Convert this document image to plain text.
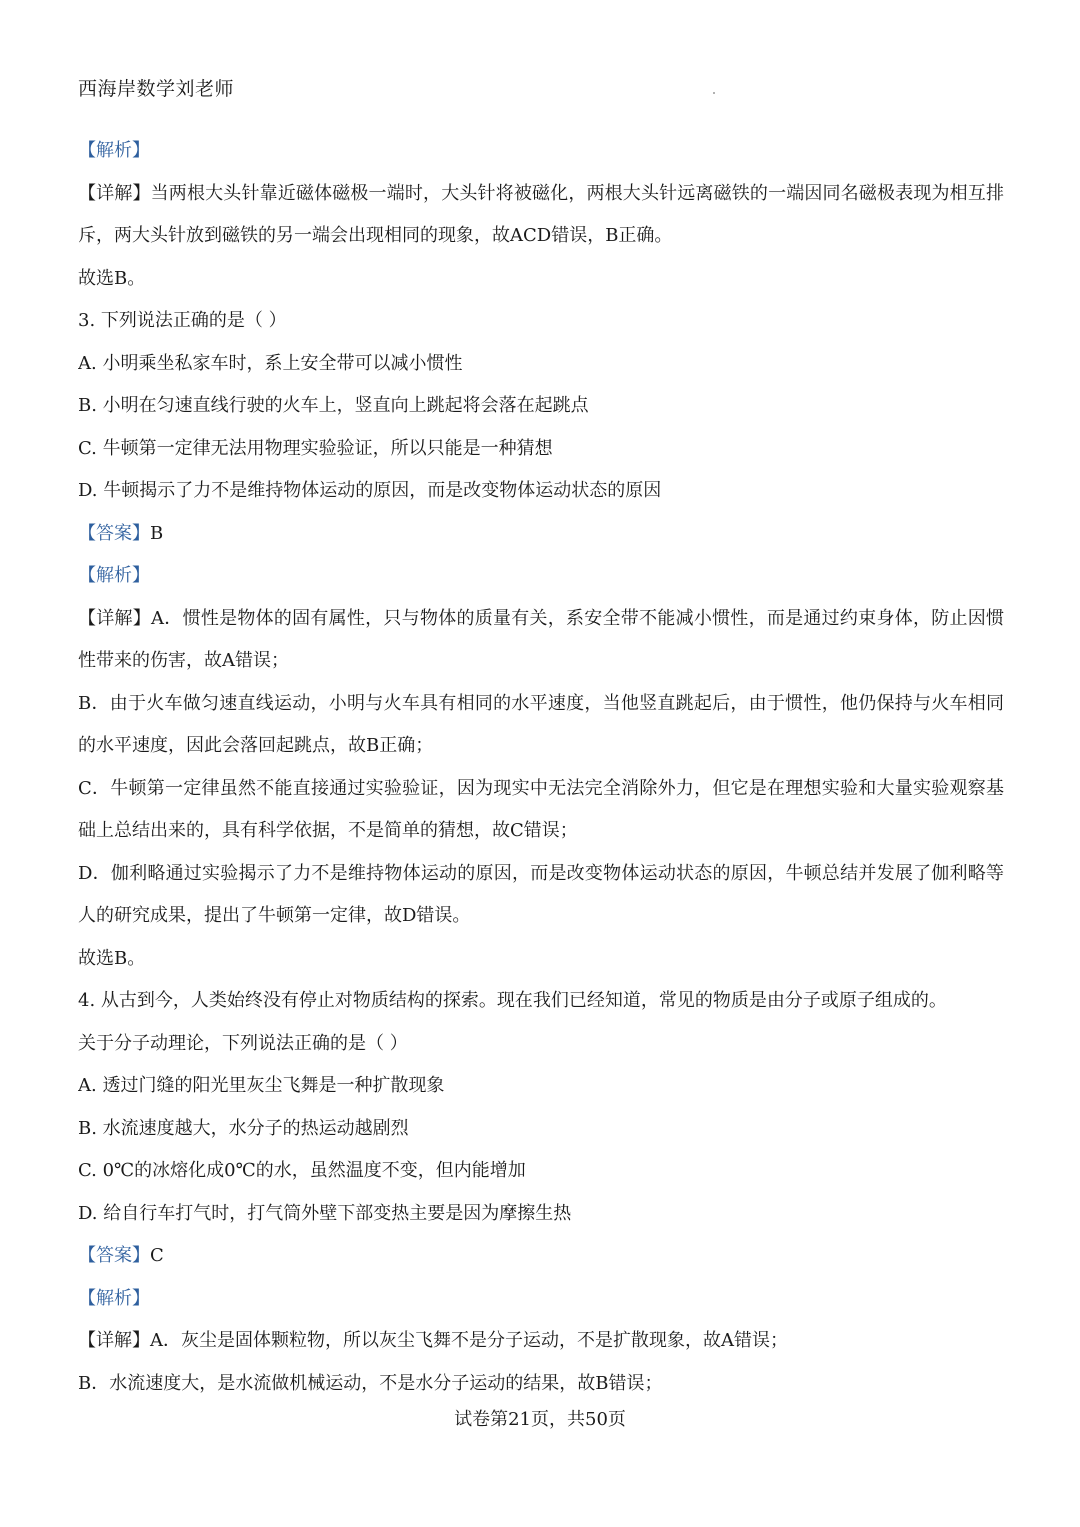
西海岸数学刘老师
【解析】
【详解】当两根大头针靠近磁体磁极一端时，大头针将被磁化，两根大头针远离磁铁的一端因同名磁极表现为相互排斥，两大头针放到磁铁的另一端会出现相同的现象，故ACD错误，B正确。
故选B。
3. 下列说法正确的是（ ）
A. 小明乘坐私家车时，系上安全带可以减小惯性
B. 小明在匀速直线行驶的火车上，竖直向上跳起将会落在起跳点
C. 牛顿第一定律无法用物理实验验证，所以只能是一种猜想
D. 牛顿揭示了力不是维持物体运动的原因，而是改变物体运动状态的原因
【答案】B
【解析】
【详解】A．惯性是物体的固有属性，只与物体的质量有关，系安全带不能减小惯性，而是通过约束身体，防止因惯性带来的伤害，故A错误；
B．由于火车做匀速直线运动，小明与火车具有相同的水平速度，当他竖直跳起后，由于惯性，他仍保持与火车相同的水平速度，因此会落回起跳点，故B正确；
C．牛顿第一定律虽然不能直接通过实验验证，因为现实中无法完全消除外力，但它是在理想实验和大量实验观察基础上总结出来的，具有科学依据，不是简单的猜想，故C错误；
D．伽利略通过实验揭示了力不是维持物体运动的原因，而是改变物体运动状态的原因，牛顿总结并发展了伽利略等人的研究成果，提出了牛顿第一定律，故D错误。
故选B。
4. 从古到今，人类始终没有停止对物质结构的探索。现在我们已经知道，常见的物质是由分子或原子组成的。
关于分子动理论，下列说法正确的是（ ）
A. 透过门缝的阳光里灰尘飞舞是一种扩散现象
B. 水流速度越大，水分子的热运动越剧烈
C. 0℃的冰熔化成0℃的水，虽然温度不变，但内能增加
D. 给自行车打气时，打气筒外壁下部变热主要是因为摩擦生热
【答案】C
【解析】
【详解】A．灰尘是固体颗粒物，所以灰尘飞舞不是分子运动，不是扩散现象，故A错误；
B．水流速度大，是水流做机械运动，不是水分子运动的结果，故B错误；
试卷第21页，共50页
